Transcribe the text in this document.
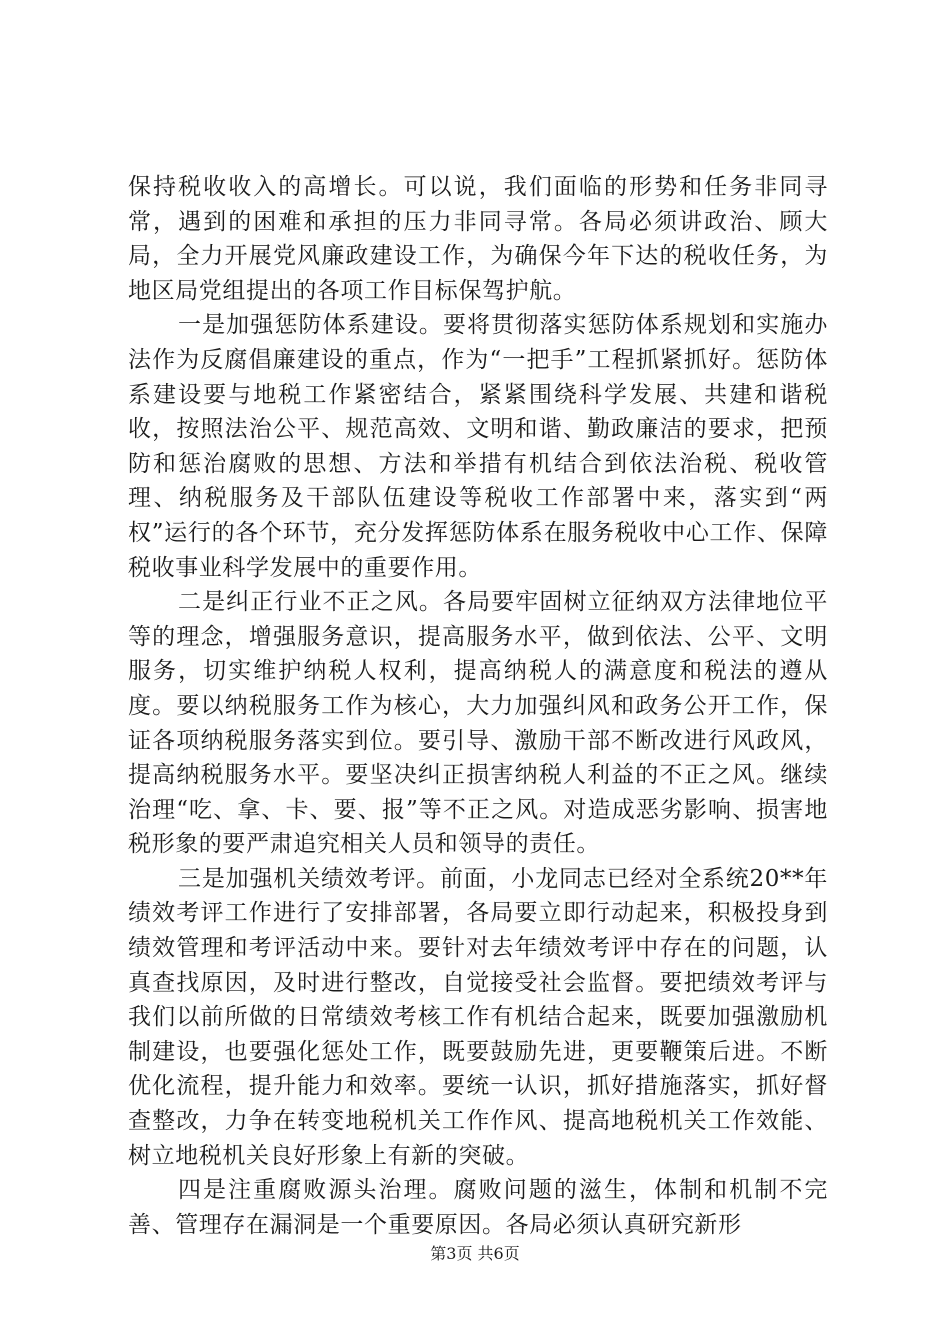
保持税收收入的高增长。可以说，我们面临的形势和任务非同寻常，遇到的困难和承担的压力非同寻常。各局必须讲政治、顾大局，全力开展党风廉政建设工作，为确保今年下达的税收任务，为地区局党组提出的各项工作目标保驾护航。

一是加强惩防体系建设。要将贯彻落实惩防体系规划和实施办法作为反腐倡廉建设的重点，作为“一把手”工程抓紧抓好。惩防体系建设要与地税工作紧密结合，紧紧围绕科学发展、共建和谐税收，按照法治公平、规范高效、文明和谐、勤政廉洁的要求，把预防和惩治腐败的思想、方法和举措有机结合到依法治税、税收管理、纳税服务及干部队伍建设等税收工作部署中来，落实到“两权”运行的各个环节，充分发挥惩防体系在服务税收中心工作、保障税收事业科学发展中的重要作用。

二是纠正行业不正之风。各局要牢固树立征纳双方法律地位平等的理念，增强服务意识，提高服务水平，做到依法、公平、文明服务，切实维护纳税人权利，提高纳税人的满意度和税法的遵从度。要以纳税服务工作为核心，大力加强纠风和政务公开工作，保证各项纳税服务落实到位。要引导、激励干部不断改进行风政风，提高纳税服务水平。要坚决纠正损害纳税人利益的不正之风。继续治理“吃、拿、卡、要、报”等不正之风。对造成恶劣影响、损害地税形象的要严肃追究相关人员和领导的责任。

三是加强机关绩效考评。前面，小龙同志已经对全系统20**年绩效考评工作进行了安排部署，各局要立即行动起来，积极投身到绩效管理和考评活动中来。要针对去年绩效考评中存在的问题，认真查找原因，及时进行整改，自觉接受社会监督。要把绩效考评与我们以前所做的日常绩效考核工作有机结合起来，既要加强激励机制建设，也要强化惩处工作，既要鼓励先进，更要鞭策后进。不断优化流程，提升能力和效率。要统一认识，抓好措施落实，抓好督查整改，力争在转变地税机关工作作风、提高地税机关工作效能、树立地税机关良好形象上有新的突破。

四是注重腐败源头治理。腐败问题的滋生，体制和机制不完善、管理存在漏洞是一个重要原因。各局必须认真研究新形

第3页 共6页
